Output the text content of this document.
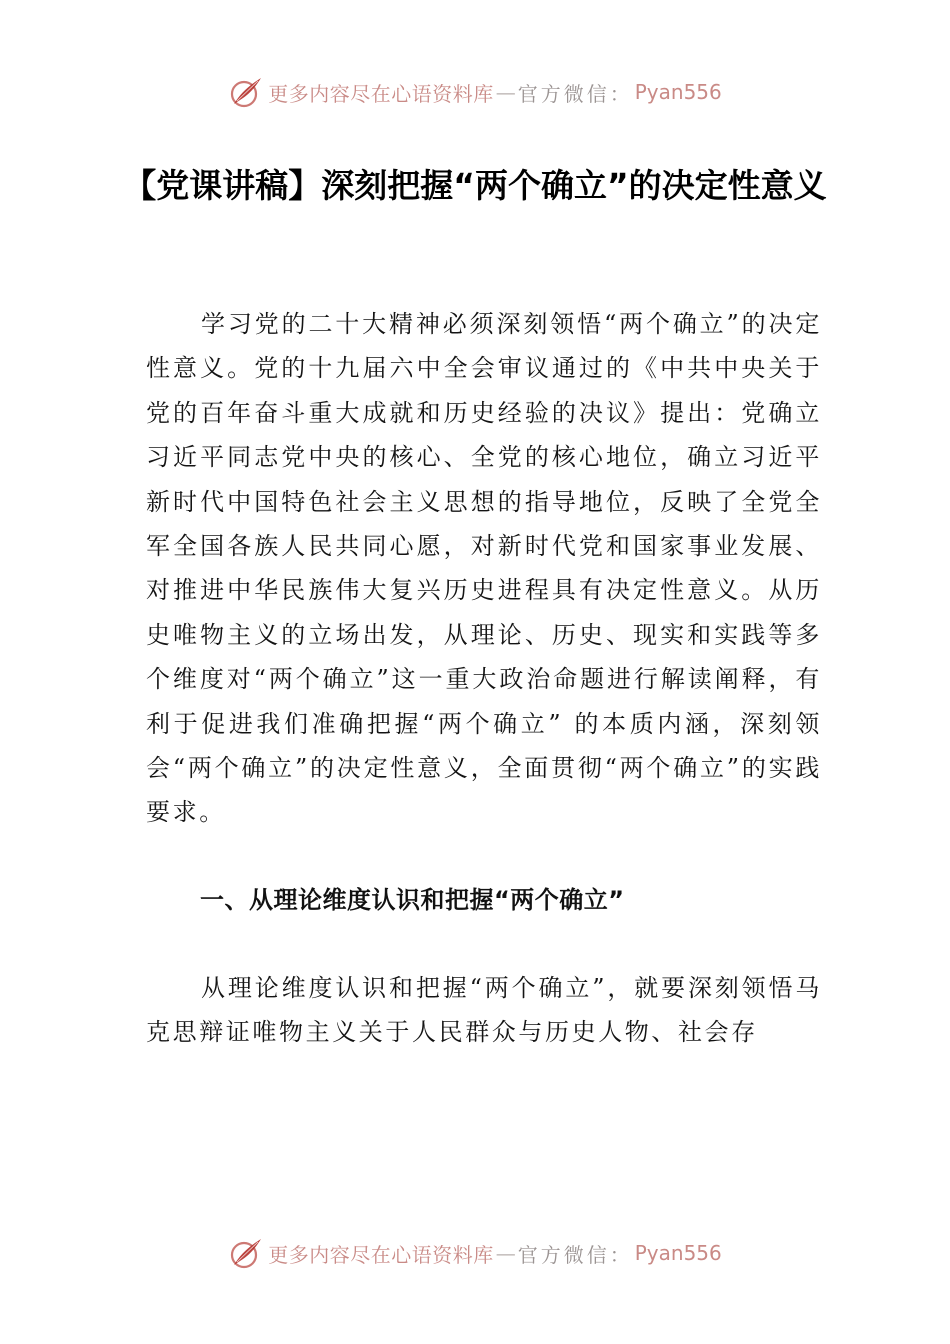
更多内容尽在心语资料库 — 官方微信： Pyan556
【党课讲稿】深刻把握“两个确立”的决定性意义

学习党的二十大精神必须深刻领悟“两个确立”的决定性意义。党的十九届六中全会审议通过的《中共中央关于党的百年奋斗重大成就和历史经验的决议》提出：党确立习近平同志党中央的核心、全党的核心地位，确立习近平新时代中国特色社会主义思想的指导地位，反映了全党全军全国各族人民共同心愿，对新时代党和国家事业发展、对推进中华民族伟大复兴历史进程具有决定性意义。从历史唯物主义的立场出发，从理论、历史、现实和实践等多个维度对“两个确立”这一重大政治命题进行解读阐释，有利于促进我们准确把握“两个确立” 的本质内涵，深刻领会“两个确立”的决定性意义，全面贯彻“两个确立”的实践要求。

一、从理论维度认识和把握“两个确立”

从理论维度认识和把握“两个确立”，就要深刻领悟马克思辩证唯物主义关于人民群众与历史人物、社会存

更多内容尽在心语资料库 — 官方微信： Pyan556
